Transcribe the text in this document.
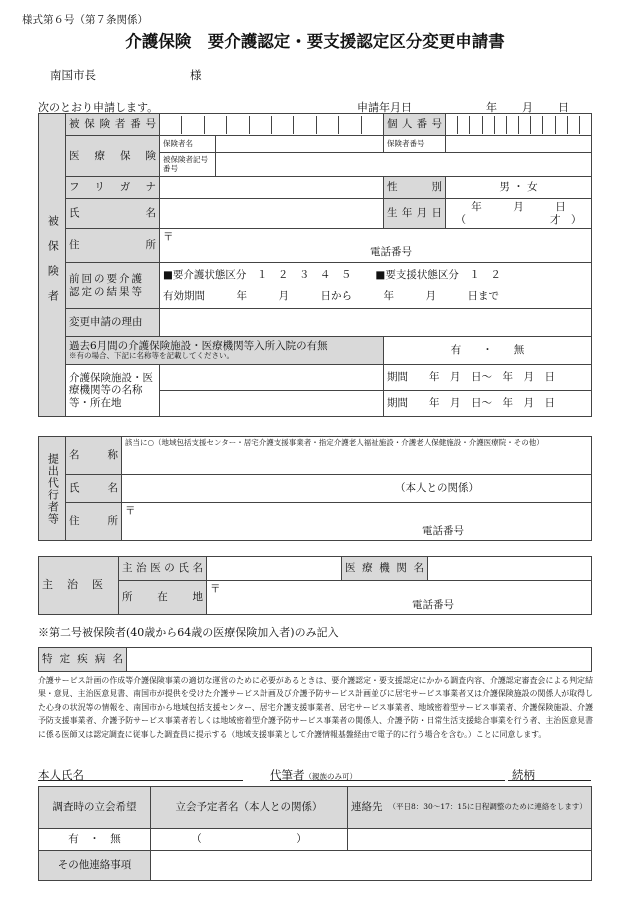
様式第６号（第７条関係）
介護保険　要介護認定・要支援認定区分変更申請書
南国市長	様
次のとおり申請します。	申請年月日	年 月 日
被保険者	被保険者番号			個人番号	

	医療保険	保険者名		保険者番号	
		被保険者記号番号			
	フリガナ			性別	男 ・ 女
	氏名			生年月日	年　　　月　　　日
（　　　　　　　　才　）

	住所	〒
電話番号			

	前回の要介護認定の結果等	■要介護状態区分　１　２　３　４　５ ■要支援状態区分　１　２
有効期間　　　年　　　月　　　日から　　　年　　　月　　　日まで			

	変更申請の理由				

	過去6月間の介護保険施設・医療機関等入所入院の有無
※有の場合、下記に名称等を記載してください。			有　　・　　無	
	介護保険施設・医療機関等の名称等・所在地			期間　　年　月　日〜　年　月　日	
				期間　　年　月　日〜　年　月　日	
提出代行者等	名称	該当に○（地域包括支援センター・居宅介護支援事業者・指定介護老人福祉施設・介護老人保健施設・介護医療院・その他）
	氏名	（本人との関係）
	住所	〒
電話番号
主治医	主治医の氏名		医療機関名	
	所在地	〒
電話番号		
※第二号被保険者(40歳から64歳の医療保険加入者)のみ記入
特定疾病名	
介護サービス計画の作成等介護保険事業の適切な運営のために必要があるときは、要介護認定・要支援認定にかかる調査内容、介護認定審査会による判定結果・意見、主治医意見書、南国市が提供を受けた介護サービス計画及び介護予防サービス計画並びに居宅サービス事業者又は介護保険施設の関係人が取得した心身の状況等の情報を、南国市から地域包括支援センター、居宅介護支援事業者、居宅サービス事業者、地域密着型サービス事業者、介護保険施設、介護予防支援事業者、介護予防サービス事業者若しくは地域密着型介護予防サービス事業者の関係人、介護予防・日常生活支援総合事業を行う者、主治医意見書に係る医師又は認定調査に従事した調査員に提示する（地域支援事業として介護情報基盤経由で電子的に行う場合を含む。）ことに同意します。
本人氏名	代筆者（親族のみ可）	続柄
調査時の立会希望	立会予定者名（本人との関係）	連絡先 （平日8：30〜17：15に日程調整のために連絡をします）

有　・　無	（　　　　　　　　　）	
その他連絡事項		
